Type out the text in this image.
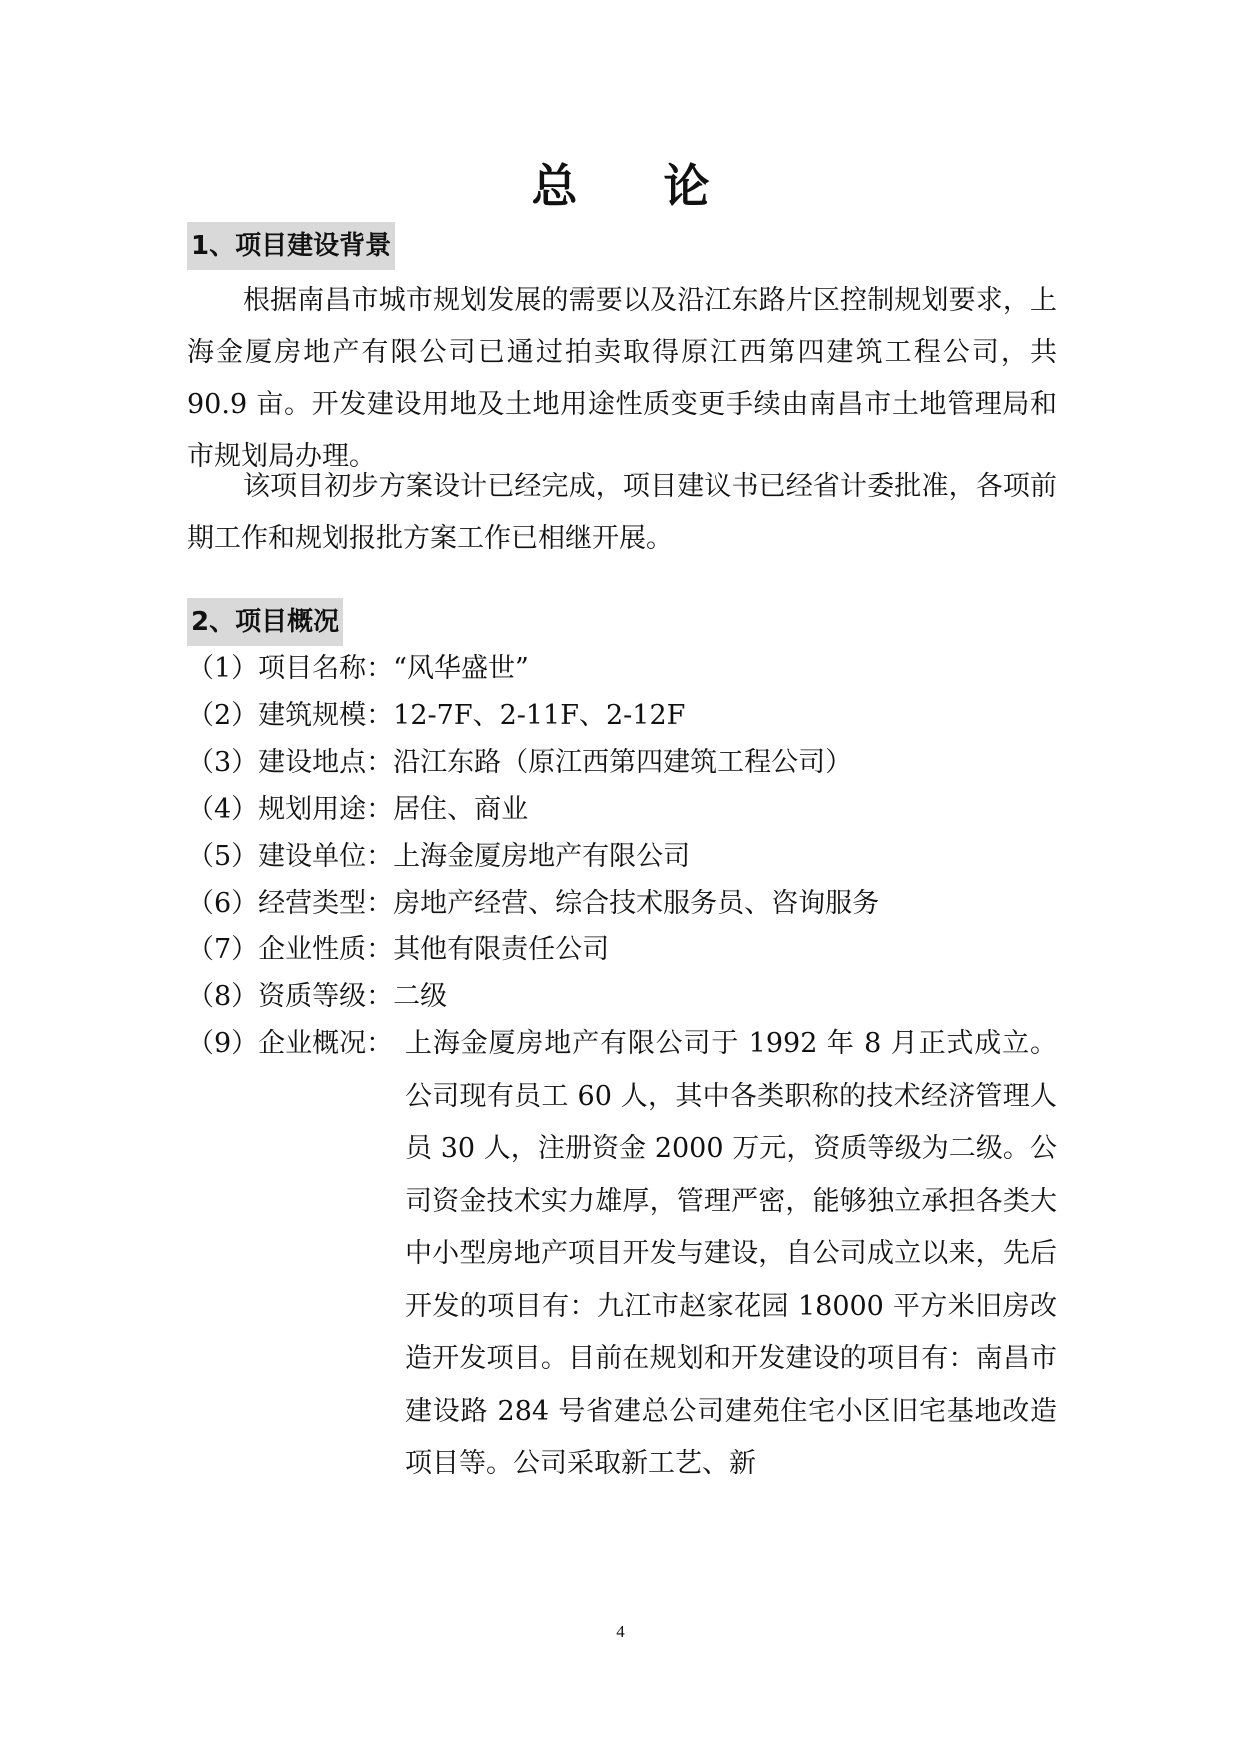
总 论
1、项目建设背景

根据南昌市城市规划发展的需要以及沿江东路片区控制规划要求，上海金厦房地产有限公司已通过拍卖取得原江西第四建筑工程公司，共 90.9 亩。开发建设用地及土地用途性质变更手续由南昌市土地管理局和市规划局办理。

该项目初步方案设计已经完成，项目建议书已经省计委批准，各项前期工作和规划报批方案工作已相继开展。

2、项目概况
（1）项目名称：“风华盛世”
（2）建筑规模：12-7F、2-11F、2-12F
（3）建设地点：沿江东路（原江西第四建筑工程公司）
（4）规划用途：居住、商业
（5）建设单位：上海金厦房地产有限公司
（6）经营类型：房地产经营、综合技术服务员、咨询服务
（7）企业性质：其他有限责任公司
（8）资质等级：二级
（9）企业概况： 上海金厦房地产有限公司于 1992 年 8 月正式成立。公司现有员工 60 人，其中各类职称的技术经济管理人员 30 人，注册资金 2000 万元，资质等级为二级。公司资金技术实力雄厚，管理严密，能够独立承担各类大中小型房地产项目开发与建设，自公司成立以来，先后开发的项目有：九江市赵家花园 18000 平方米旧房改造开发项目。目前在规划和开发建设的项目有：南昌市建设路 284 号省建总公司建苑住宅小区旧宅基地改造项目等。公司采取新工艺、新

4
